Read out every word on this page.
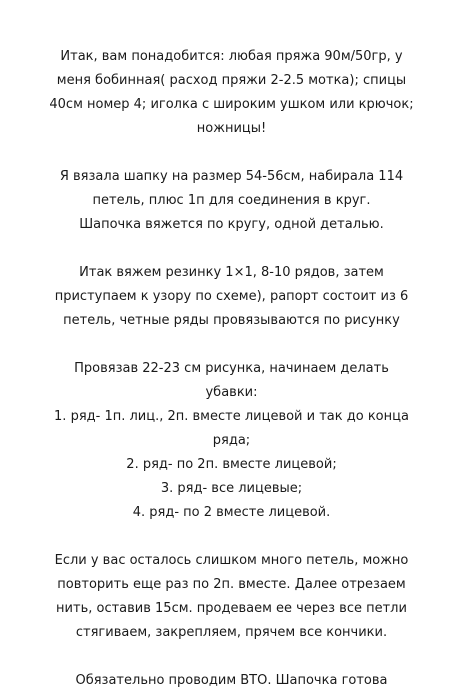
Итак, вам понадобится: любая пряжа 90м/50гр, у
меня бобинная( расход пряжи 2-2.5 мотка); спицы
40см номер 4; иголка с широким ушком или крючок;
ножницы!
Я вязала шапку на размер 54-56см, набирала 114
петель, плюс 1п для соединения в круг.
Шапочка вяжется по кругу, одной деталью.
Итак вяжем резинку 1×1, 8-10 рядов, затем
приступаем к узору по схеме), рапорт состоит из 6
петель, четные ряды провязываются по рисунку
Провязав 22-23 см рисунка, начинаем делать
убавки:
1. ряд- 1п. лиц., 2п. вместе лицевой и так до конца
ряда;
2. ряд- по 2п. вместе лицевой;
3. ряд- все лицевые;
4. ряд- по 2 вместе лицевой.
Если у вас осталось слишком много петель, можно
повторить еще раз по 2п. вместе. Далее отрезаем
нить, оставив 15см. продеваем ее через все петли
стягиваем, закрепляем, прячем все кончики.
Обязательно проводим ВТО. Шапочка готова
